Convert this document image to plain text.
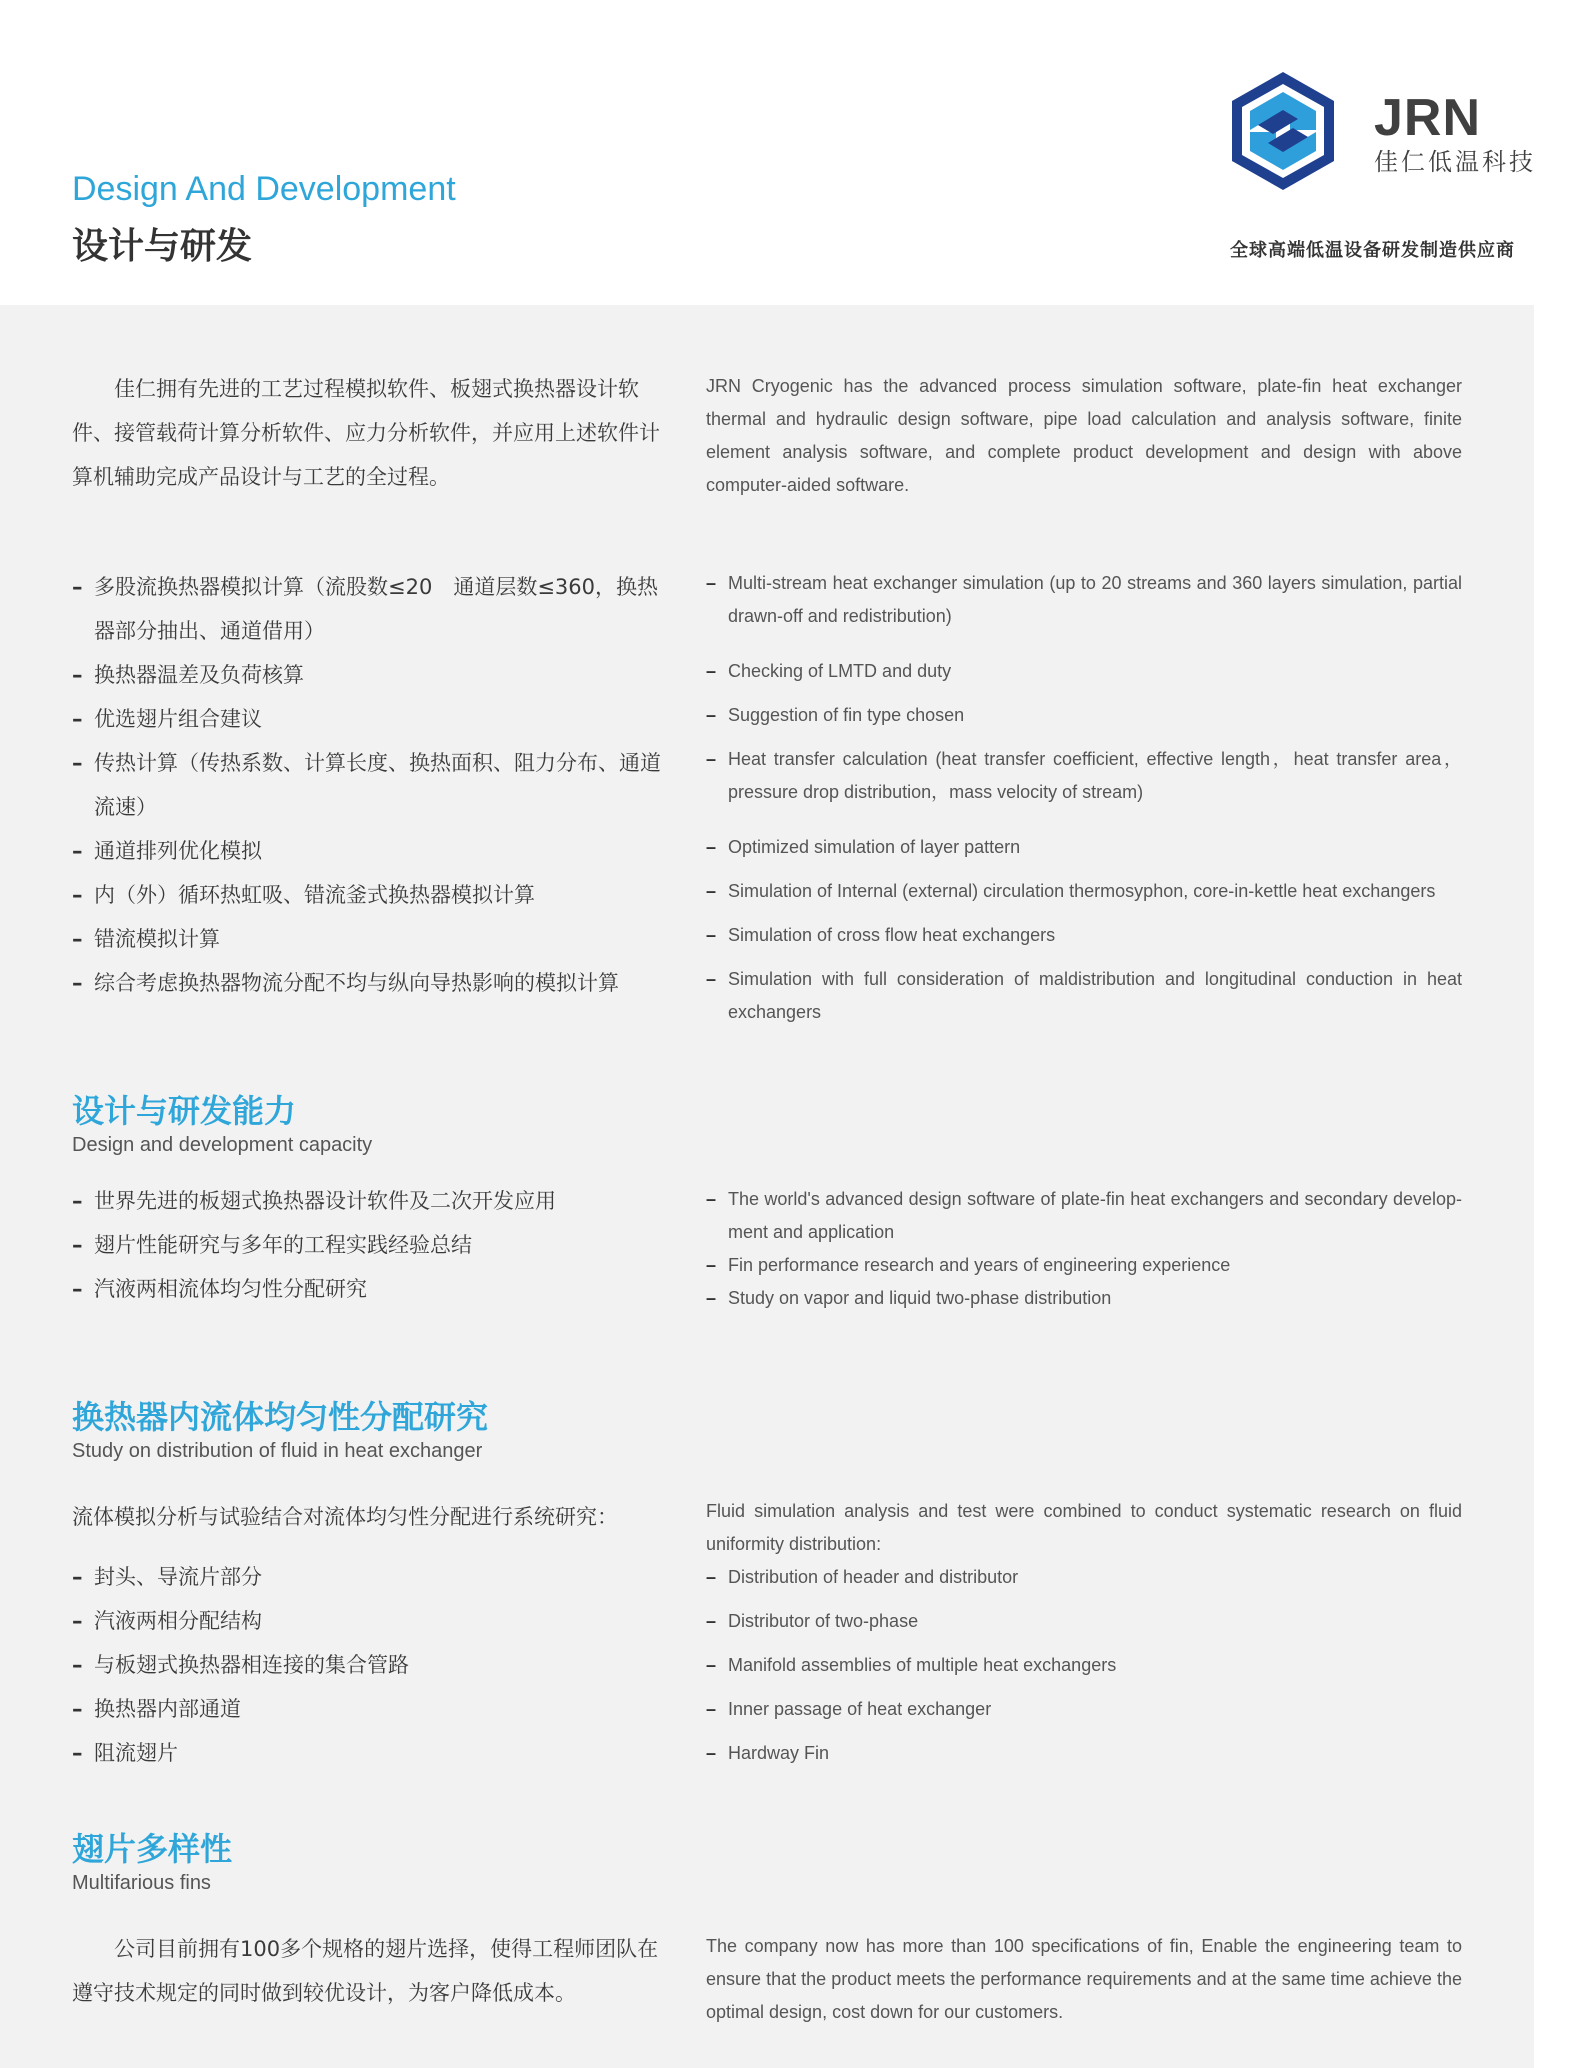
Design And Development
设计与研发
JRN
佳仁低温科技
全球高端低温设备研发制造供应商
佳仁拥有先进的工艺过程模拟软件、板翅式换热器设计软件、接管载荷计算分析软件、应力分析软件，并应用上述软件计算机辅助完成产品设计与工艺的全过程。
JRN Cryogenic has the advanced process simulation software, plate-fin heat exchanger thermal and hydraulic design software, pipe load calculation and analysis software, finite element analysis software, and complete product development and design with above computer-aided software.
– 多股流换热器模拟计算（流股数≤20　通道层数≤360，换热器部分抽出、通道借用）
– 换热器温差及负荷核算
– 优选翅片组合建议
– 传热计算（传热系数、计算长度、换热面积、阻力分布、通道流速）
– 通道排列优化模拟
– 内（外）循环热虹吸、错流釜式换热器模拟计算
– 错流模拟计算
– 综合考虑换热器物流分配不均与纵向导热影响的模拟计算
– Multi-stream heat exchanger simulation (up to 20 streams and 360 layers simulation, partial drawn-off and redistribution)
– Checking of LMTD and duty
– Suggestion of fin type chosen
– Heat transfer calculation (heat transfer coefficient, effective length，heat transfer area，pressure drop distribution，mass velocity of stream)
– Optimized simulation of layer pattern
– Simulation of Internal (external) circulation thermosyphon, core-in-kettle heat exchangers
– Simulation of cross flow heat exchangers
– Simulation with full consideration of maldistribution and longitudinal conduction in heat exchangers
设计与研发能力
Design and development capacity
– 世界先进的板翅式换热器设计软件及二次开发应用
– 翅片性能研究与多年的工程实践经验总结
– 汽液两相流体均匀性分配研究
– The world's advanced design software of plate-fin heat exchangers and secondary develop-ment and application
– Fin performance research and years of engineering experience
– Study on vapor and liquid two-phase distribution
换热器内流体均匀性分配研究
Study on distribution of fluid in heat exchanger
流体模拟分析与试验结合对流体均匀性分配进行系统研究：
– 封头、导流片部分
– 汽液两相分配结构
– 与板翅式换热器相连接的集合管路
– 换热器内部通道
– 阻流翅片
Fluid simulation analysis and test were combined to conduct systematic research on fluid uniformity distribution:
– Distribution of header and distributor
– Distributor of two-phase
– Manifold assemblies of multiple heat exchangers
– Inner passage of heat exchanger
– Hardway Fin
翅片多样性
Multifarious fins
公司目前拥有100多个规格的翅片选择，使得工程师团队在遵守技术规定的同时做到较优设计，为客户降低成本。
The company now has more than 100 specifications of fin, Enable the engineering team to ensure that the product meets the performance requirements and at the same time achieve the optimal design, cost down for our customers.
